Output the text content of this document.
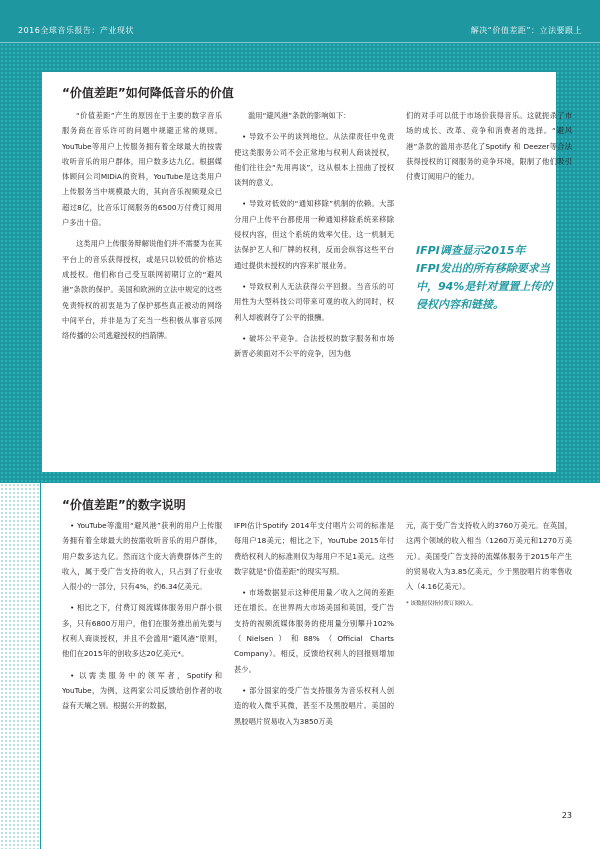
2016全球音乐报告：产业现状	解决“价值差距”：立法要跟上
“价值差距”如何降低音乐的价值

“价值差距”产生的原因在于主要的数字音乐服务商在音乐许可的问题中规避正常的规则。YouTube等用户上传服务拥有着全球最大的按需收听音乐的用户群体，用户数多达九亿。根据媒体顾问公司MIDiA的资料，YouTube是这类用户上传服务当中规模最大的，其向音乐视频观众已超过8亿，比音乐订阅服务的6500万付费订阅用户多出十倍。

这类用户上传服务辩解说他们并不需要为在其平台上的音乐获得授权，或是只以较低的价格达成授权。他们称自己受互联网初期订立的“避风港”条款的保护。美国和欧洲的立法中规定的这些免责特权的初衷是为了保护那些真正被动的网络中间平台，并非是为了充当一些积极从事音乐网络传播的公司逃避授权的挡箭牌。

滥用“避风港”条款的影响如下：

• 导致不公平的谈判地位。从法律责任中免责使这类服务公司不会正常地与权利人商谈授权，他们往往会“先用再谈”，这从根本上扭曲了授权谈判的意义。

• 导致对低效的“通知移除”机制的依赖。大部分用户上传平台都使用一种通知移除系统来移除侵权内容，但这个系统的效率欠佳。这一机制无法保护艺人和厂牌的权利，反而会纵容这些平台通过提供未授权的内容来扩展业务。

• 导致权利人无法获得公平回报。当音乐的可用性为大型科技公司带来可观的收入的同时，权利人却被剥夺了公平的报酬。

• 破坏公平竞争。合法授权的数字服务和市场新晋必须面对不公平的竞争，因为他

们的对手可以低于市场价获得音乐。这就扼杀了市场的成长、改革、竞争和消费者的选择。“避风港”条款的滥用亦恶化了Spotify 和 Deezer等合法获得授权的订阅服务的竞争环境，限制了他们吸引付费订阅用户的能力。

IFPI调查显示2015年
IFPI发出的所有移除要求当
中，94%是针对置置上传的
侵权内容和链接。
“价值差距”的数字说明

• YouTube等滥用“避风港”获利的用户上传服务拥有着全球最大的按需收听音乐的用户群体，用户数多达九亿。然而这个庞大消费群体产生的收入，属于受广告支持的收入，只占到了行业收入很小的一部分，只有4%，约6.34亿美元。

• 相比之下，付费订阅流媒体服务用户群小很多，只有6800万用户，他们在服务推出前先要与权利人商谈授权，并且不会滥用“避风港”原则，他们在2015年的创收多达20亿美元*。

• 以需类服务中的领军者，Spotify和YouTube，为例，这两家公司反馈给创作者的收益有天壤之别。根据公开的数据，

IFPI估计Spotify 2014年支付唱片公司的标准是每用户18美元；相比之下，YouTube 2015年付费给权利人的标准则仅为每用户不足1美元。这些数字就是“价值差距”的现实写照。

• 市场数据显示这种使用量／收入之间的差距还在增长。在世界两大市场美国和英国，受广告支持的视频流媒体服务的使用量分别攀升102%（Nielsen）和88%（Official Charts Company）。相反，反馈给权利人的回报则增加甚少。

• 部分国家的受广告支持服务为音乐权利人创造的收入微乎其微，甚至不及黑胶唱片。美国的黑胶唱片贸易收入为3850万美

元，高于受广告支持收入的3760万美元。在英国，这两个领域的收入相当（1260万美元和1270万美元）。美国受广告支持的流媒体服务于2015年产生的贸易收入为3.85亿美元，少于黑胶唱片的零售收入（4.16亿美元）。

* 该数据仅指付费订阅收入。

23
